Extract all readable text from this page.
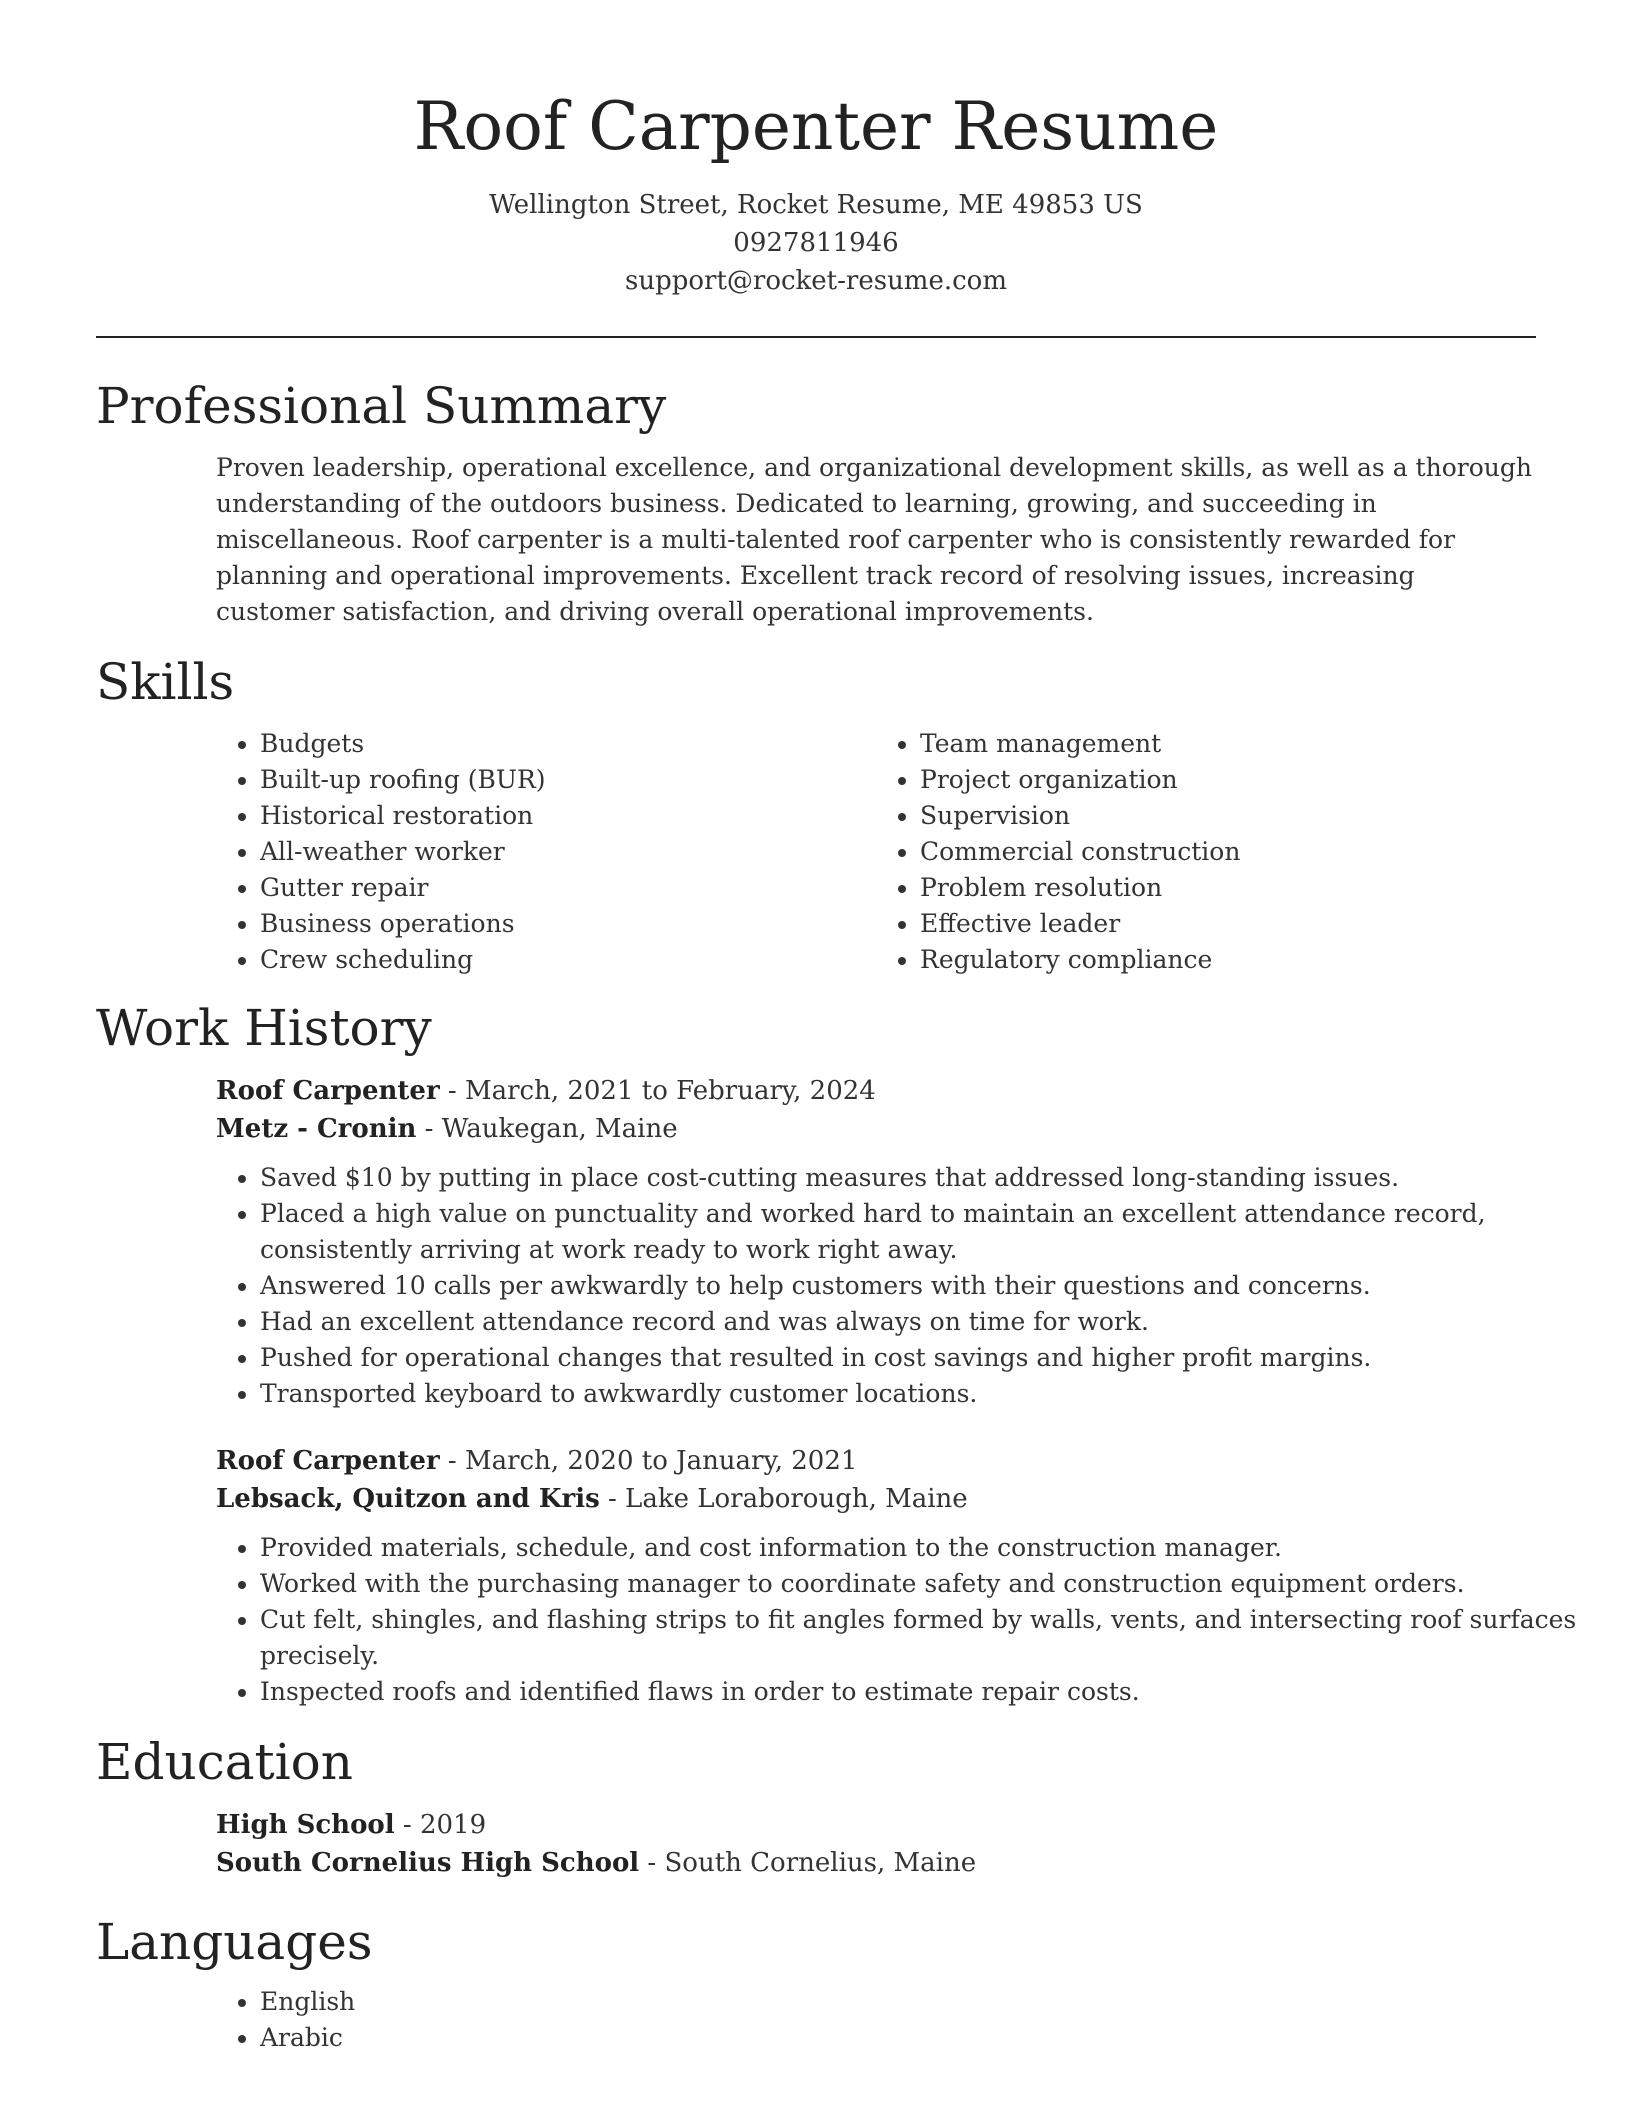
Roof Carpenter Resume
Wellington Street, Rocket Resume, ME 49853 US
0927811946
support@rocket-resume.com
Professional Summary

Proven leadership, operational excellence, and organizational development skills, as well as a thorough understanding of the outdoors business. Dedicated to learning, growing, and succeeding in miscellaneous. Roof carpenter is a multi-talented roof carpenter who is consistently rewarded for planning and operational improvements. Excellent track record of resolving issues, increasing customer satisfaction, and driving overall operational improvements.

Skills
• Budgets
• Built-up roofing (BUR)
• Historical restoration
• All-weather worker
• Gutter repair
• Business operations
• Crew scheduling
• Team management
• Project organization
• Supervision
• Commercial construction
• Problem resolution
• Effective leader
• Regulatory compliance
Work History
Roof Carpenter - March, 2021 to February, 2024
Metz - Cronin - Waukegan, Maine
• Saved $10 by putting in place cost-cutting measures that addressed long-standing issues.
• Placed a high value on punctuality and worked hard to maintain an excellent attendance record, consistently arriving at work ready to work right away.
• Answered 10 calls per awkwardly to help customers with their questions and concerns.
• Had an excellent attendance record and was always on time for work.
• Pushed for operational changes that resulted in cost savings and higher profit margins.
• Transported keyboard to awkwardly customer locations.
Roof Carpenter - March, 2020 to January, 2021
Lebsack, Quitzon and Kris - Lake Loraborough, Maine
• Provided materials, schedule, and cost information to the construction manager.
• Worked with the purchasing manager to coordinate safety and construction equipment orders.
• Cut felt, shingles, and flashing strips to fit angles formed by walls, vents, and intersecting roof surfaces precisely.
• Inspected roofs and identified flaws in order to estimate repair costs.
Education
High School - 2019
South Cornelius High School - South Cornelius, Maine
Languages
• English
• Arabic
